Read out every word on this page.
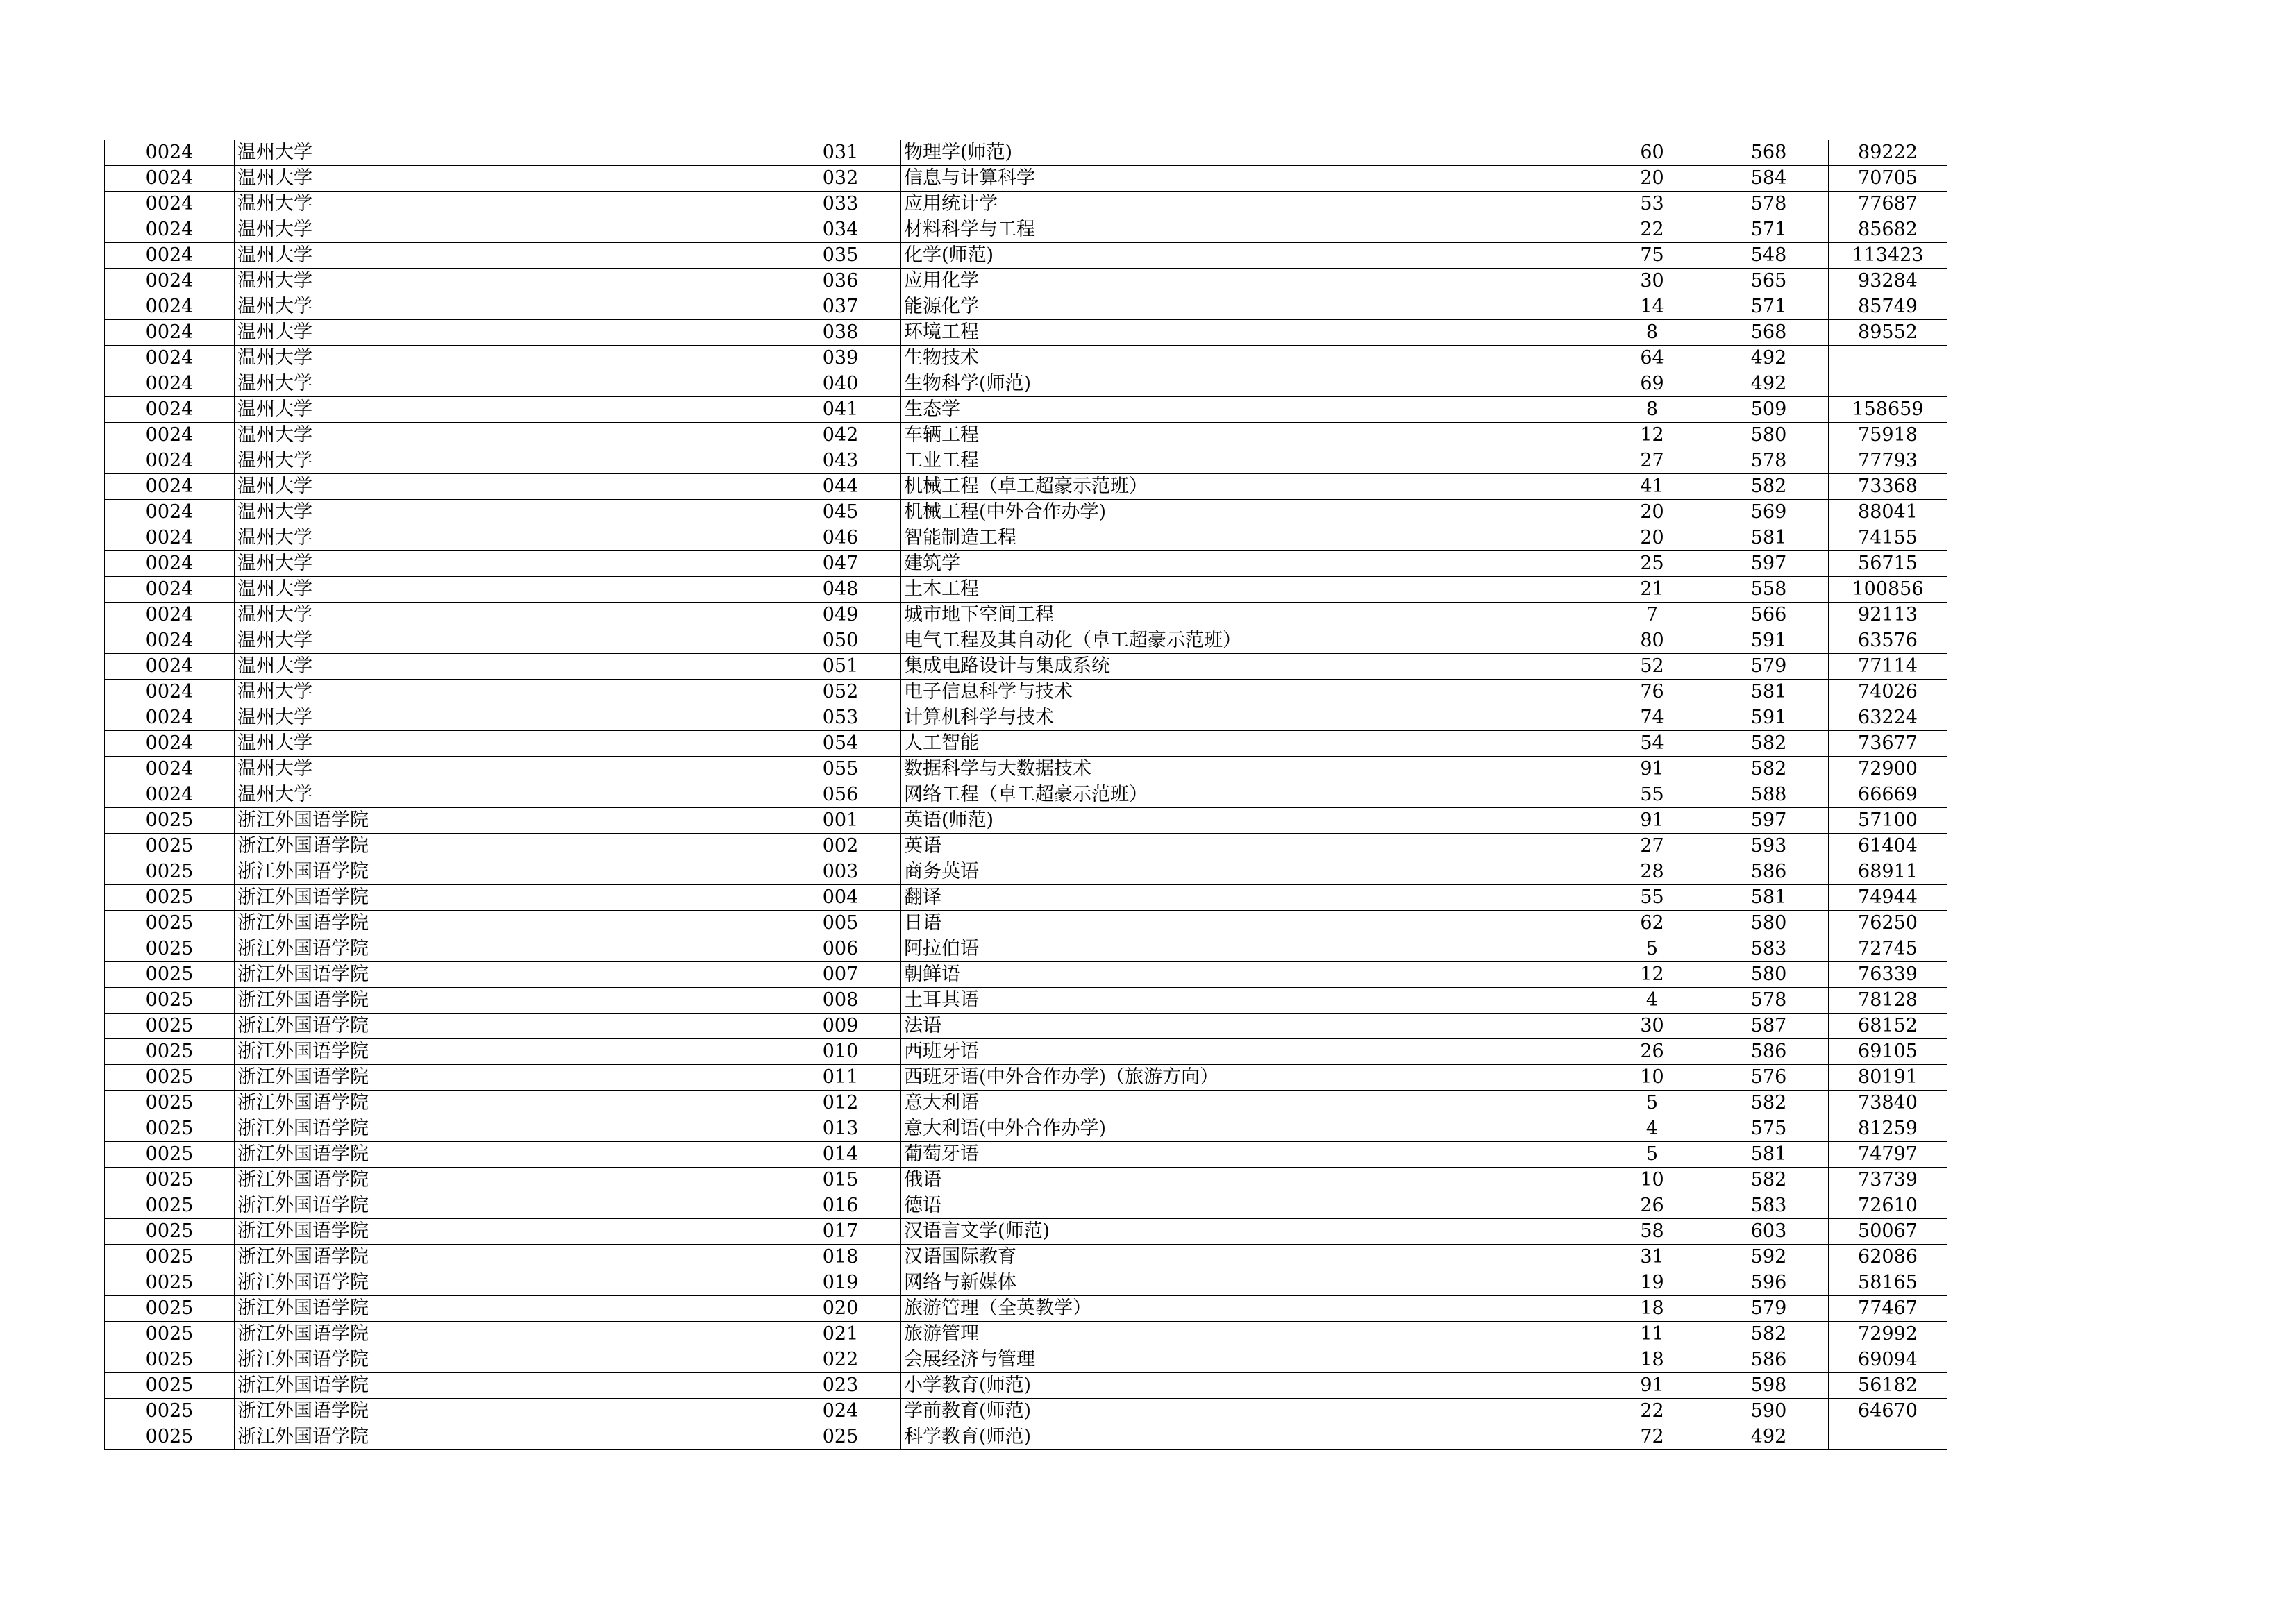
0024	温州大学	031	物理学(师范)	60	568	89222
0024	温州大学	032	信息与计算科学	20	584	70705
0024	温州大学	033	应用统计学	53	578	77687
0024	温州大学	034	材料科学与工程	22	571	85682
0024	温州大学	035	化学(师范)	75	548	113423
0024	温州大学	036	应用化学	30	565	93284
0024	温州大学	037	能源化学	14	571	85749
0024	温州大学	038	环境工程	8	568	89552
0024	温州大学	039	生物技术	64	492	
0024	温州大学	040	生物科学(师范)	69	492	
0024	温州大学	041	生态学	8	509	158659
0024	温州大学	042	车辆工程	12	580	75918
0024	温州大学	043	工业工程	27	578	77793
0024	温州大学	044	机械工程（卓工超豪示范班）	41	582	73368
0024	温州大学	045	机械工程(中外合作办学)	20	569	88041
0024	温州大学	046	智能制造工程	20	581	74155
0024	温州大学	047	建筑学	25	597	56715
0024	温州大学	048	土木工程	21	558	100856
0024	温州大学	049	城市地下空间工程	7	566	92113
0024	温州大学	050	电气工程及其自动化（卓工超豪示范班）	80	591	63576
0024	温州大学	051	集成电路设计与集成系统	52	579	77114
0024	温州大学	052	电子信息科学与技术	76	581	74026
0024	温州大学	053	计算机科学与技术	74	591	63224
0024	温州大学	054	人工智能	54	582	73677
0024	温州大学	055	数据科学与大数据技术	91	582	72900
0024	温州大学	056	网络工程（卓工超豪示范班）	55	588	66669
0025	浙江外国语学院	001	英语(师范)	91	597	57100
0025	浙江外国语学院	002	英语	27	593	61404
0025	浙江外国语学院	003	商务英语	28	586	68911
0025	浙江外国语学院	004	翻译	55	581	74944
0025	浙江外国语学院	005	日语	62	580	76250
0025	浙江外国语学院	006	阿拉伯语	5	583	72745
0025	浙江外国语学院	007	朝鲜语	12	580	76339
0025	浙江外国语学院	008	土耳其语	4	578	78128
0025	浙江外国语学院	009	法语	30	587	68152
0025	浙江外国语学院	010	西班牙语	26	586	69105
0025	浙江外国语学院	011	西班牙语(中外合作办学)（旅游方向）	10	576	80191
0025	浙江外国语学院	012	意大利语	5	582	73840
0025	浙江外国语学院	013	意大利语(中外合作办学)	4	575	81259
0025	浙江外国语学院	014	葡萄牙语	5	581	74797
0025	浙江外国语学院	015	俄语	10	582	73739
0025	浙江外国语学院	016	德语	26	583	72610
0025	浙江外国语学院	017	汉语言文学(师范)	58	603	50067
0025	浙江外国语学院	018	汉语国际教育	31	592	62086
0025	浙江外国语学院	019	网络与新媒体	19	596	58165
0025	浙江外国语学院	020	旅游管理（全英教学）	18	579	77467
0025	浙江外国语学院	021	旅游管理	11	582	72992
0025	浙江外国语学院	022	会展经济与管理	18	586	69094
0025	浙江外国语学院	023	小学教育(师范)	91	598	56182
0025	浙江外国语学院	024	学前教育(师范)	22	590	64670
0025	浙江外国语学院	025	科学教育(师范)	72	492	
